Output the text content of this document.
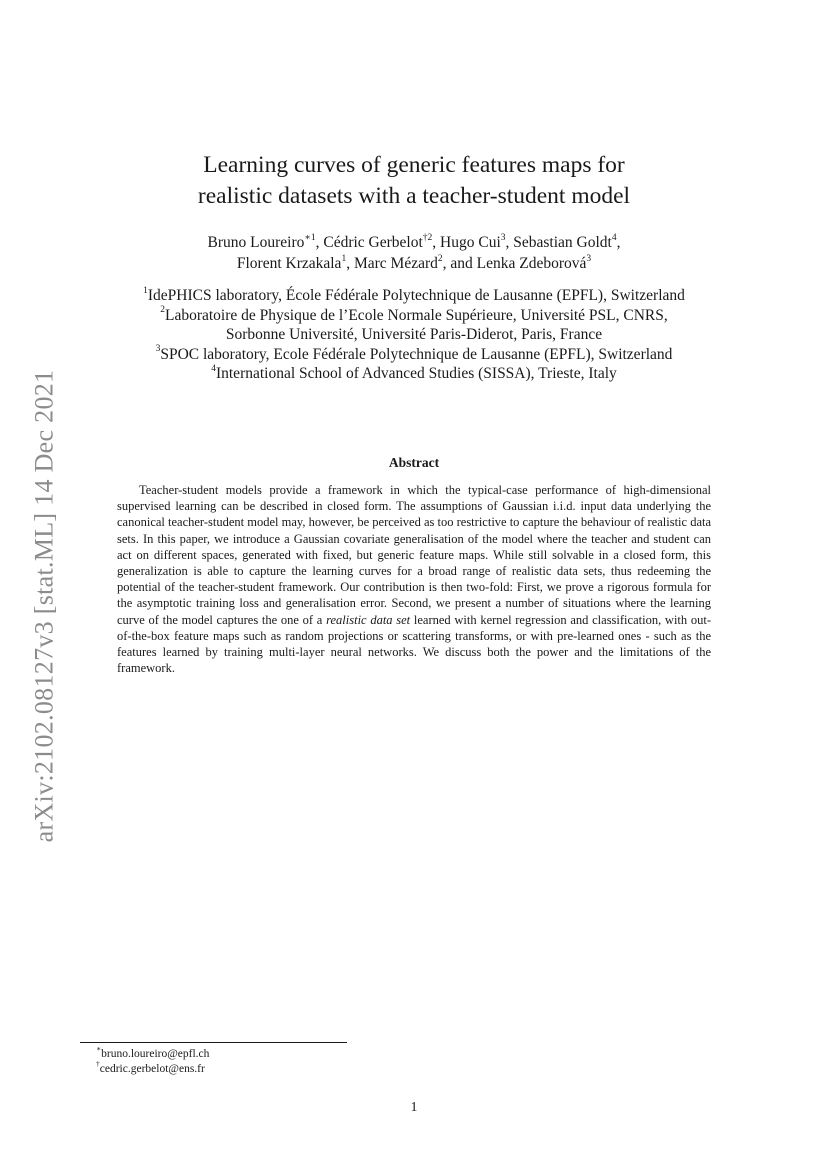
arXiv:2102.08127v3 [stat.ML] 14 Dec 2021
Learning curves of generic features maps for
realistic datasets with a teacher-student model
Bruno Loureiro$^{∗1}$, Cédric Gerbelot$^{\dagger 2}$, Hugo Cui$^3$, Sebastian Goldt$^4$,
Florent Krzakala$^1$, Marc Mézard$^2$, and Lenka Zdeborová$^3$
$^1$IdePHICS laboratory, École Fédérale Polytechnique de Lausanne (EPFL), Switzerland
$^2$Laboratoire de Physique de l’Ecole Normale Supérieure, Université PSL, CNRS,
Sorbonne Université, Université Paris-Diderot, Paris, France
$^3$SPOC laboratory, Ecole Fédérale Polytechnique de Lausanne (EPFL), Switzerland
$^4$International School of Advanced Studies (SISSA), Trieste, Italy
Abstract

Teacher-student models provide a framework in which the typical-case performance of high-dimensional supervised learning can be described in closed form. The assumptions of Gaussian i.i.d. input data underlying the canonical teacher-student model may, however, be perceived as too restrictive to capture the behaviour of realistic data sets. In this paper, we introduce a Gaussian covariate generalisation of the model where the teacher and student can act on different spaces, generated with fixed, but generic feature maps. While still solvable in a closed form, this generalization is able to capture the learning curves for a broad range of realistic data sets, thus redeeming the potential of the teacher-student framework. Our contribution is then two-fold: First, we prove a rigorous formula for the asymptotic training loss and generalisation error. Second, we present a number of situations where the learning curve of the model captures the one of a realistic data set learned with kernel regression and classification, with out-of-the-box feature maps such as random projections or scattering transforms, or with pre-learned ones - such as the features learned by training multi-layer neural networks. We discuss both the power and the limitations of the framework.

∗bruno.loureiro@epfl.ch
†cedric.gerbelot@ens.fr
1
